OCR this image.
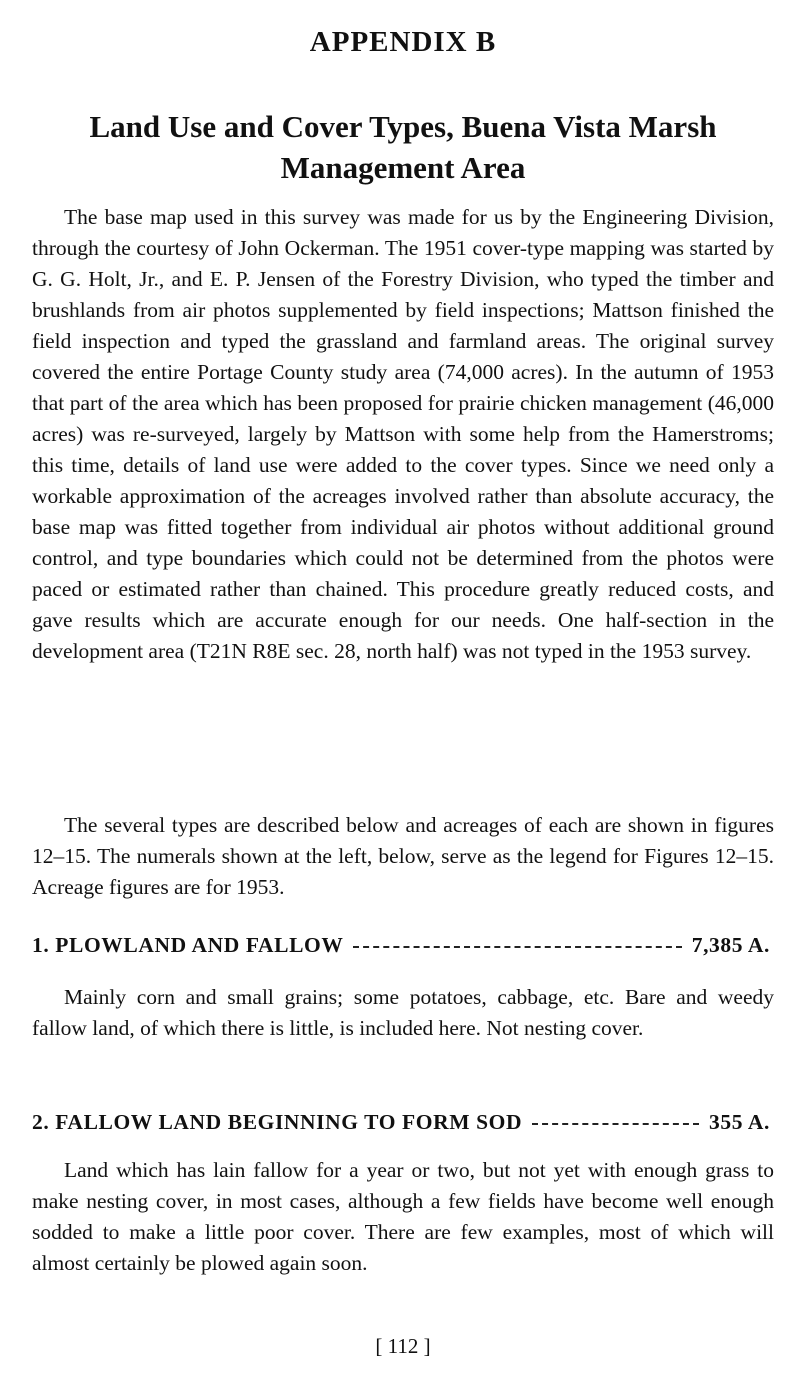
APPENDIX B
Land Use and Cover Types, Buena Vista Marsh Management Area

The base map used in this survey was made for us by the Engineering Division, through the courtesy of John Ockerman. The 1951 cover-type mapping was started by G. G. Holt, Jr., and E. P. Jensen of the Forestry Division, who typed the timber and brushlands from air photos supplemented by field inspections; Mattson finished the field inspection and typed the grassland and farmland areas. The original survey covered the entire Portage County study area (74,000 acres). In the autumn of 1953 that part of the area which has been proposed for prairie chicken management (46,000 acres) was re-surveyed, largely by Mattson with some help from the Hamerstroms; this time, details of land use were added to the cover types. Since we need only a workable approximation of the acreages involved rather than absolute accuracy, the base map was fitted together from individual air photos without additional ground control, and type boundaries which could not be determined from the photos were paced or estimated rather than chained. This procedure greatly reduced costs, and gave results which are accurate enough for our needs. One half-section in the development area (T21N R8E sec. 28, north half) was not typed in the 1953 survey.

The several types are described below and acreages of each are shown in figures 12–15. The numerals shown at the left, below, serve as the legend for Figures 12–15. Acreage figures are for 1953.

1. PLOWLAND AND FALLOW	7,385 A.

Mainly corn and small grains; some potatoes, cabbage, etc. Bare and weedy fallow land, of which there is little, is included here. Not nesting cover.

2. FALLOW LAND BEGINNING TO FORM SOD	355 A.

Land which has lain fallow for a year or two, but not yet with enough grass to make nesting cover, in most cases, although a few fields have become well enough sodded to make a little poor cover. There are few examples, most of which will almost certainly be plowed again soon.

[ 112 ]
